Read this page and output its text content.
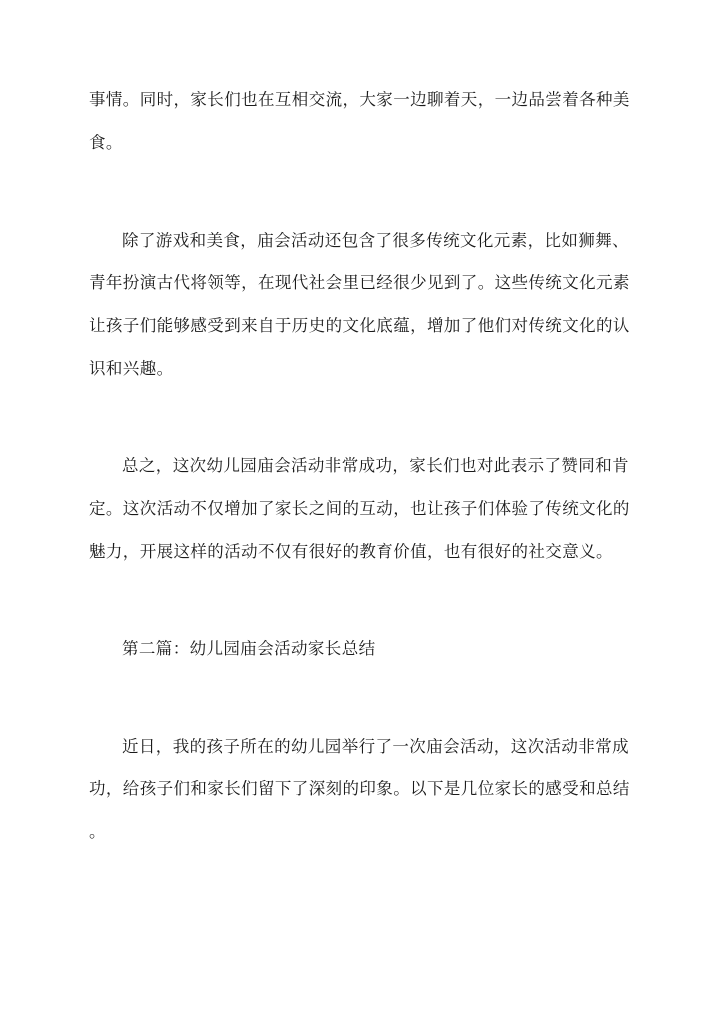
事情。同时，家长们也在互相交流，大家一边聊着天，一边品尝着各种美
食。
除了游戏和美食，庙会活动还包含了很多传统文化元素，比如狮舞、
青年扮演古代将领等，在现代社会里已经很少见到了。这些传统文化元素
让孩子们能够感受到来自于历史的文化底蕴，增加了他们对传统文化的认
识和兴趣。
总之，这次幼儿园庙会活动非常成功，家长们也对此表示了赞同和肯
定。这次活动不仅增加了家长之间的互动，也让孩子们体验了传统文化的
魅力，开展这样的活动不仅有很好的教育价值，也有很好的社交意义。
第二篇：幼儿园庙会活动家长总结
近日，我的孩子所在的幼儿园举行了一次庙会活动，这次活动非常成
功，给孩子们和家长们留下了深刻的印象。以下是几位家长的感受和总结
。
